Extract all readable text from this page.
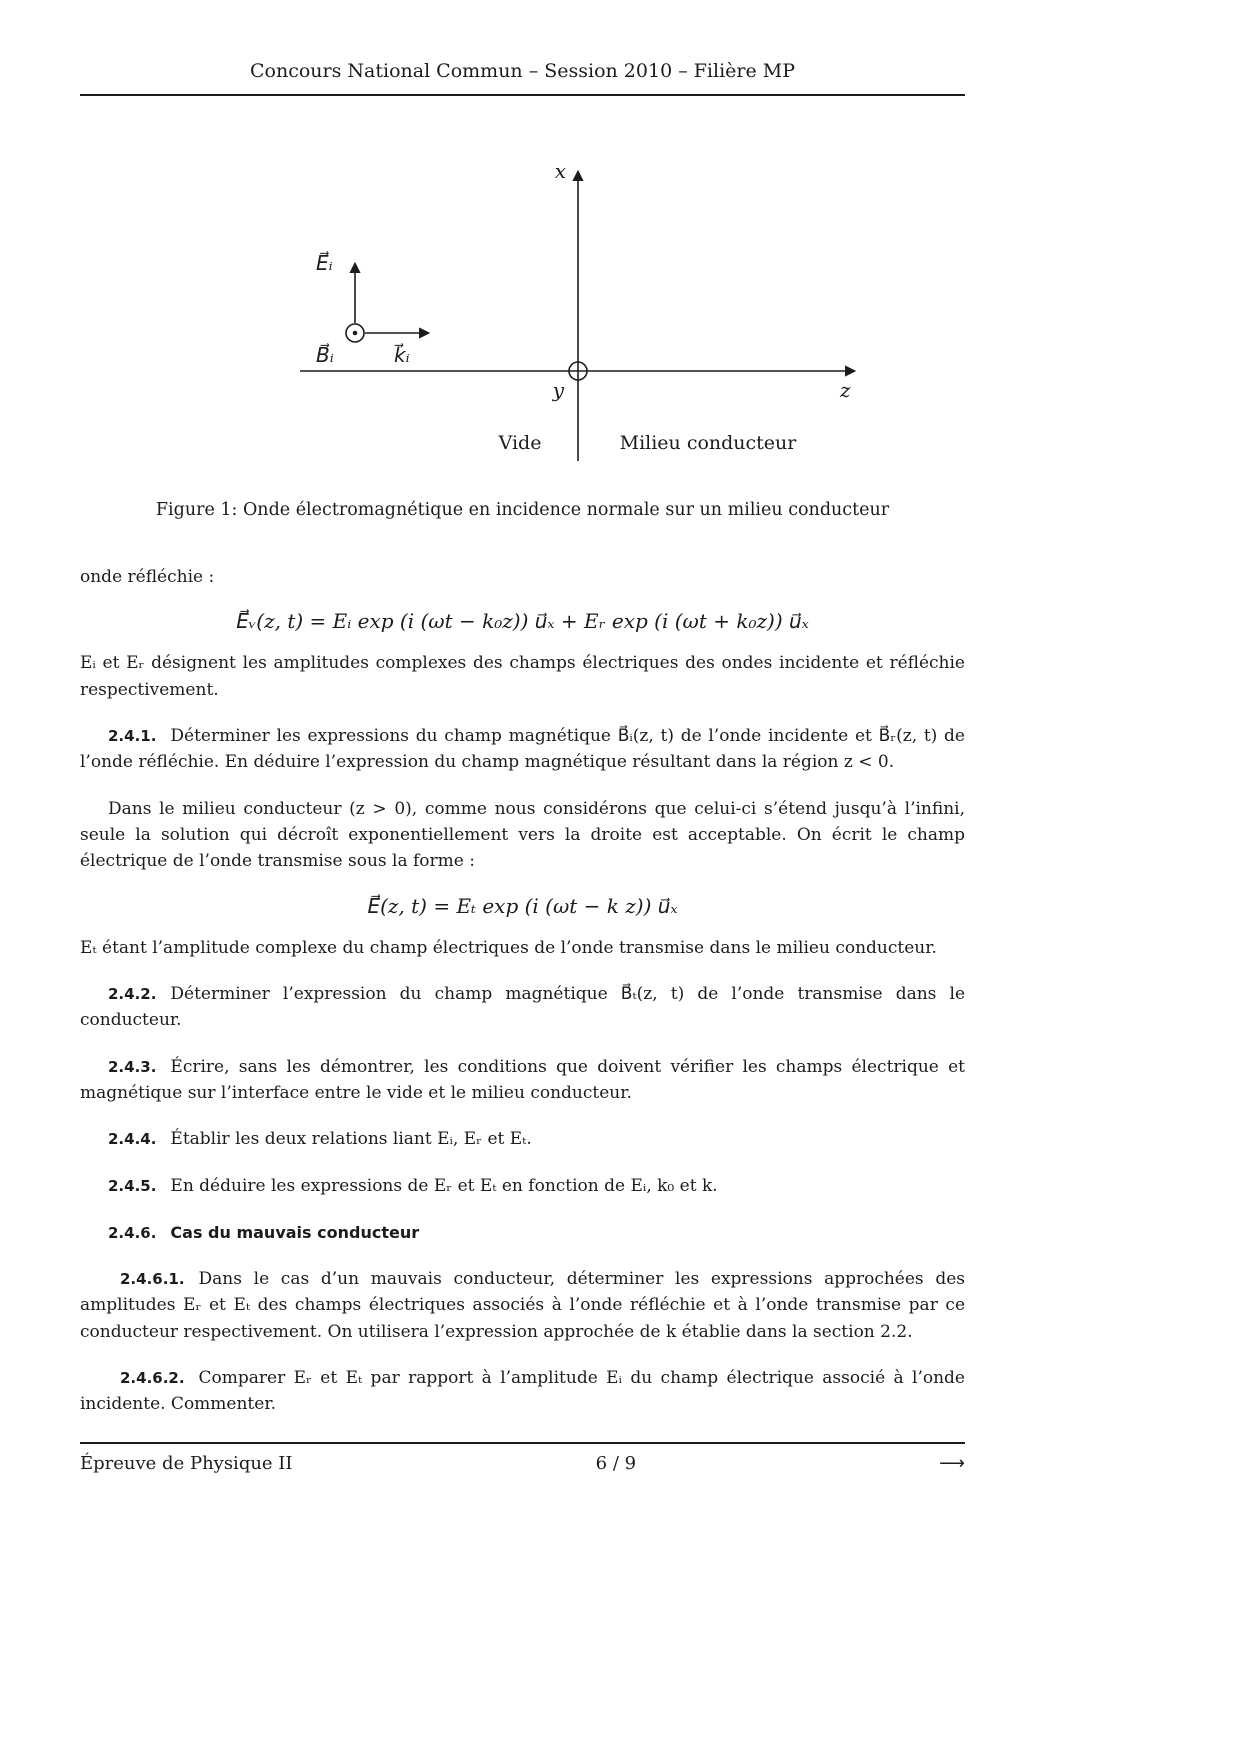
Concours National Commun – Session 2010 – Filière MP
x
y	z
E⃗ᵢ
B⃗ᵢ	k⃗ᵢ
Vide	Milieu conducteur
Figure 1: Onde électromagnétique en incidence normale sur un milieu conducteur

onde réfléchie :

E⃗ᵥ(z, t) = Eᵢ exp (i (ωt − k₀z)) u⃗ₓ + Eᵣ exp (i (ωt + k₀z)) u⃗ₓ

Eᵢ et Eᵣ désignent les amplitudes complexes des champs électriques des ondes incidente et réfléchie respectivement.

2.4.1. Déterminer les expressions du champ magnétique B⃗ᵢ(z, t) de l’onde incidente et B⃗ᵣ(z, t) de l’onde réfléchie. En déduire l’expression du champ magnétique résultant dans la région z < 0.

Dans le milieu conducteur (z > 0), comme nous considérons que celui-ci s’étend jusqu’à l’infini, seule la solution qui décroît exponentiellement vers la droite est acceptable. On écrit le champ électrique de l’onde transmise sous la forme :

E⃗(z, t) = Eₜ exp (i (ωt − k z)) u⃗ₓ

Eₜ étant l’amplitude complexe du champ électriques de l’onde transmise dans le milieu conducteur.

2.4.2. Déterminer l’expression du champ magnétique B⃗ₜ(z, t) de l’onde transmise dans le conducteur.

2.4.3. Écrire, sans les démontrer, les conditions que doivent vérifier les champs électrique et magnétique sur l’interface entre le vide et le milieu conducteur.

2.4.4. Établir les deux relations liant Eᵢ, Eᵣ et Eₜ.

2.4.5. En déduire les expressions de Eᵣ et Eₜ en fonction de Eᵢ, k₀ et k.

2.4.6. Cas du mauvais conducteur

2.4.6.1. Dans le cas d’un mauvais conducteur, déterminer les expressions approchées des amplitudes Eᵣ et Eₜ des champs électriques associés à l’onde réfléchie et à l’onde transmise par ce conducteur respectivement. On utilisera l’expression approchée de k établie dans la section 2.2.

2.4.6.2. Comparer Eᵣ et Eₜ par rapport à l’amplitude Eᵢ du champ électrique associé à l’onde incidente. Commenter.

Épreuve de Physique II	6 / 9	⟶
